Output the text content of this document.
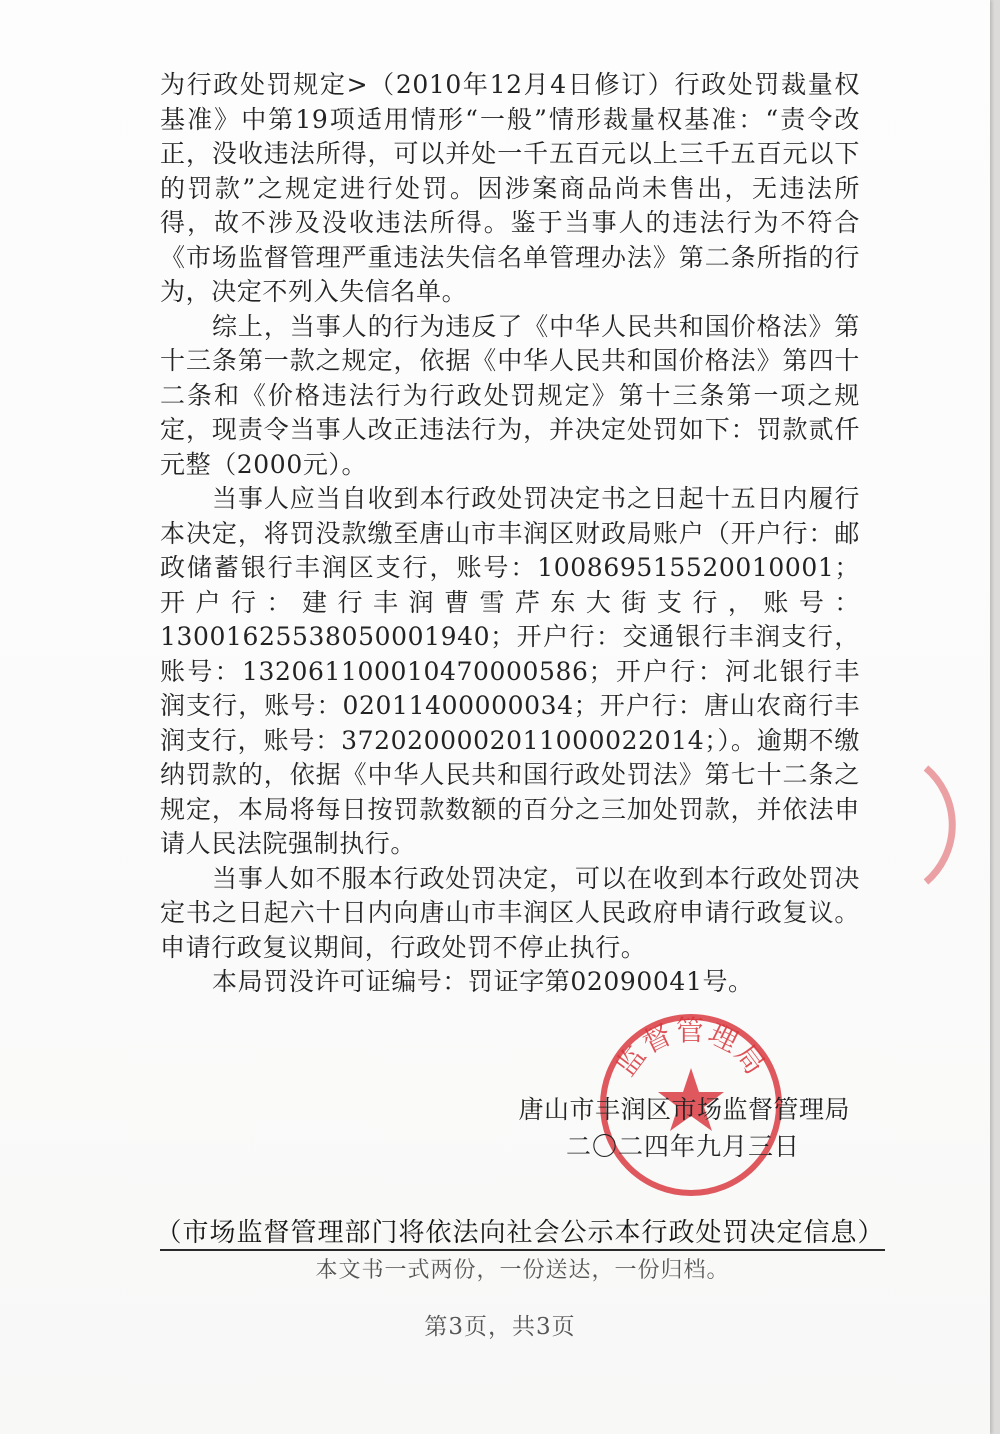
为行政处罚规定>（2010年12月4日修订）行政处罚裁量权基准》中第19项适用情形“一般”情形裁量权基准：“责令改正，没收违法所得，可以并处一千五百元以上三千五百元以下的罚款”之规定进行处罚。因涉案商品尚未售出，无违法所得，故不涉及没收违法所得。鉴于当事人的违法行为不符合《市场监督管理严重违法失信名单管理办法》第二条所指的行为，决定不列入失信名单。

综上，当事人的行为违反了《中华人民共和国价格法》第十三条第一款之规定，依据《中华人民共和国价格法》第四十二条和《价格违法行为行政处罚规定》第十三条第一项之规定，现责令当事人改正违法行为，并决定处罚如下：罚款贰仟元整（2000元）。

当事人应当自收到本行政处罚决定书之日起十五日内履行本决定，将罚没款缴至唐山市丰润区财政局账户（开户行：邮政储蓄银行丰润区支行，账号：100869515520010001；开户行：建行丰润曹雪芹东大街支行，账号：13001625538050001940；开户行：交通银行丰润支行，账号：132061100010470000586；开户行：河北银行丰润支行，账号：02011400000034；开户行：唐山农商行丰润支行，账号：37202000020110000220​14；）。逾期不缴纳罚款的，依据《中华人民共和国行政处罚法》第七十二条之规定，本局将每日按罚款数额的百分之三加处罚款，并依法申请人民法院强制执行。

当事人如不服本行政处罚决定，可以在收到本行政处罚决定书之日起六十日内向唐山市丰润区人民政府申请行政复议。申请行政复议期间，行政处罚不停止执行。

本局罚没许可证编号：罚证字第02090041号。

监督管理局
唐山市丰润区市场监督管理局
二〇二四年九月三日
（市场监督管理部门将依法向社会公示本行政处罚决定信息）
本文书一式两份，一份送达，一份归档。
第3页，共3页
